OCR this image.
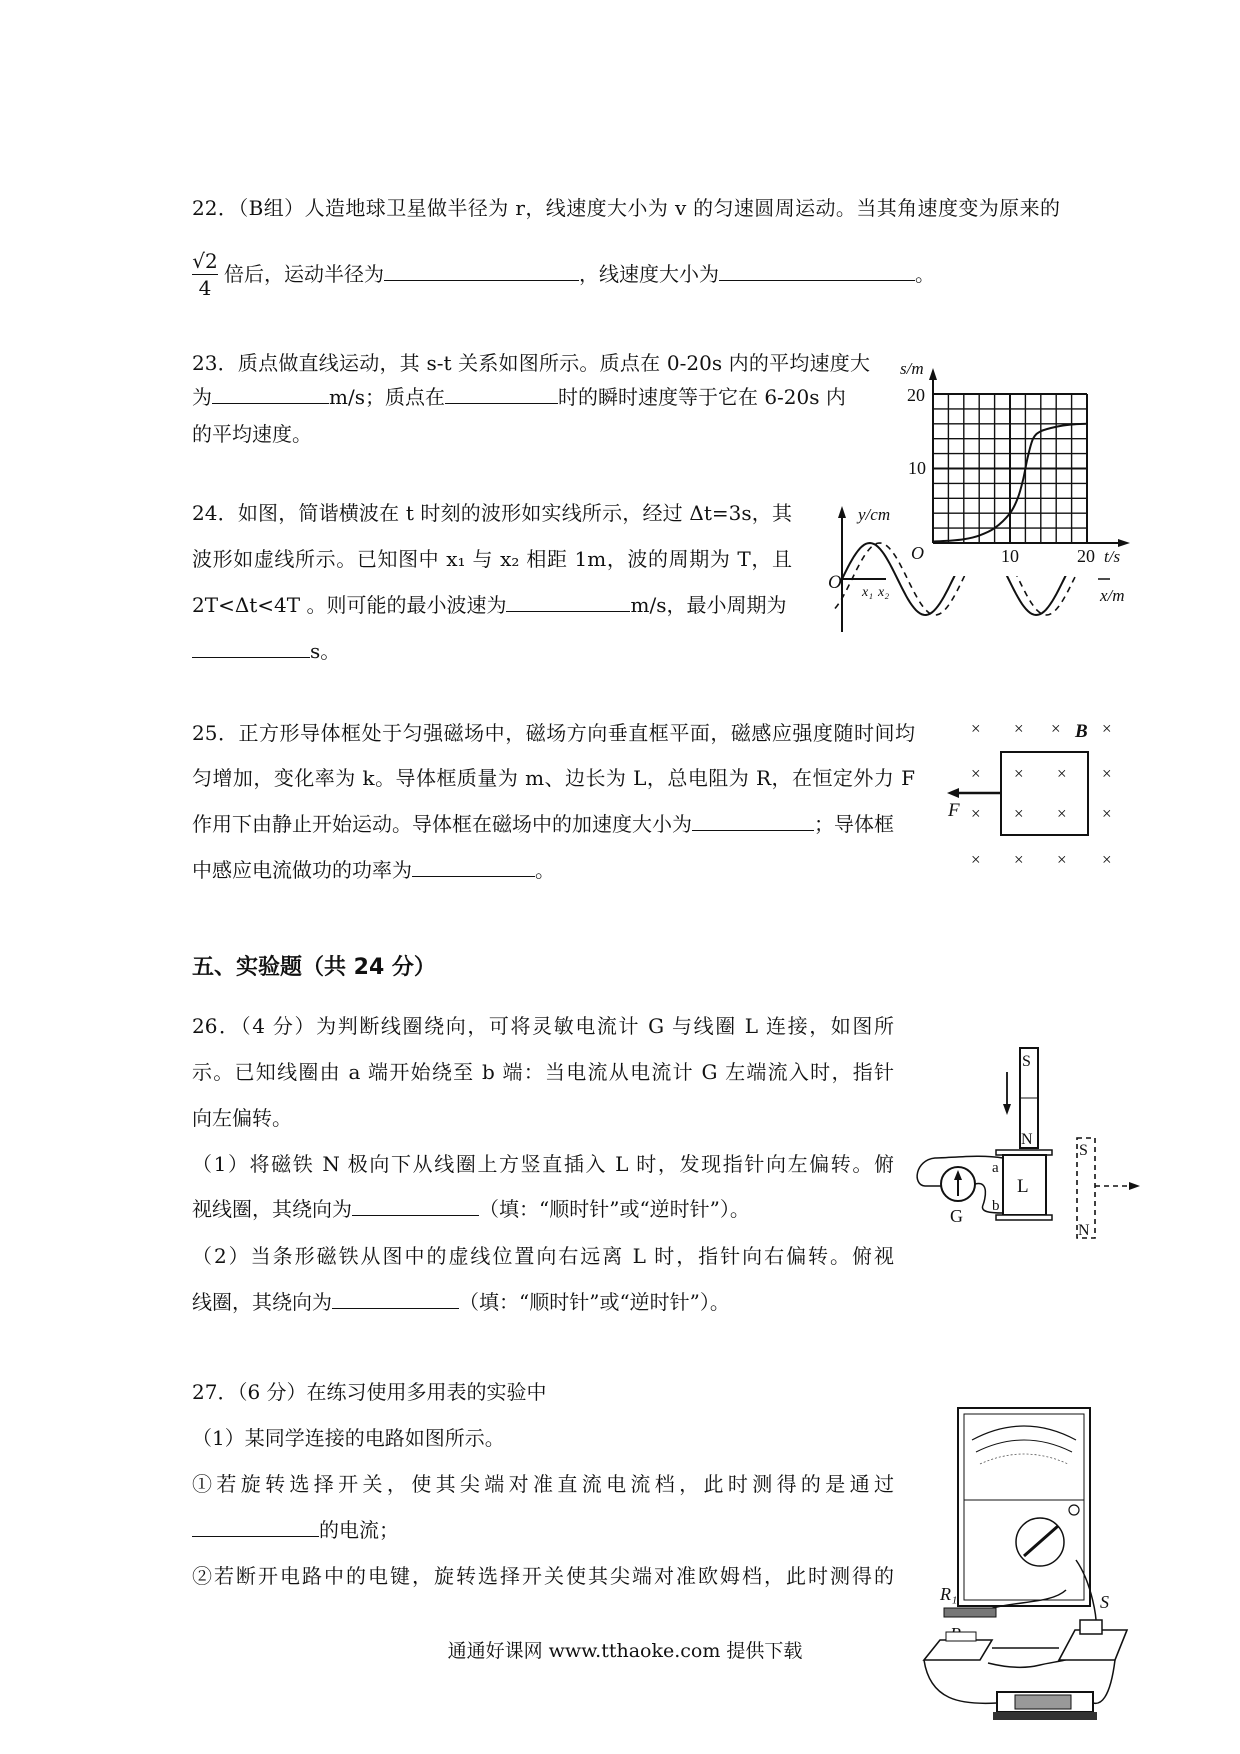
y/cm
O x₁ x₂	x/m
s/m
20
10
O	10	20 t/s
× × × ×
× × × ×
× × × ×
× × × ×
F
B
S
N
L
a
b
G
S
N
R₁	S
22．（B组）人造地球卫星做半径为 r，线速度大小为 v 的匀速圆周运动。当其角速度变为原来的
$\frac{√2}{4}$ 倍后，运动半径为	，线速度大小为	。
23．质点做直线运动，其 s-t 关系如图所示。质点在 0-20s 内的平均速度大
为	m/s；质点在	时的瞬时速度等于它在 6-20s 内
的平均速度。
24．如图，简谐横波在 t 时刻的波形如实线所示，经过 Δt=3s，其
波形如虚线所示。已知图中 x₁ 与 x₂ 相距 1m，波的周期为 T，且
2T<Δt<4T 。则可能的最小波速为	m/s，最小周期为
s。
25．正方形导体框处于匀强磁场中，磁场方向垂直框平面，磁感应强度随时间均
匀增加，变化率为 k。导体框质量为 m、边长为 L，总电阻为 R，在恒定外力 F
作用下由静止开始运动。导体框在磁场中的加速度大小为	；导体框
中感应电流做功的功率为	。
五、实验题（共 24 分）
26．（4 分）为判断线圈绕向，可将灵敏电流计 G 与线圈 L 连接，如图所
示。已知线圈由 a 端开始绕至 b 端：当电流从电流计 G 左端流入时，指针
向左偏转。
（1）将磁铁 N 极向下从线圈上方竖直插入 L 时，发现指针向左偏转。俯
视线圈，其绕向为	（填：“顺时针”或“逆时针”）。
（2）当条形磁铁从图中的虚线位置向右远离 L 时，指针向右偏转。俯视
线圈，其绕向为	（填：“顺时针”或“逆时针”）。
27．（6 分）在练习使用多用表的实验中
（1）某同学连接的电路如图所示。
①若旋转选择开关，使其尖端对准直流电流档，此时测得的是通过
的电流；
②若断开电路中的电键，旋转选择开关使其尖端对准欧姆档，此时测得的
通通好课网 www.tthaoke.com 提供下载
